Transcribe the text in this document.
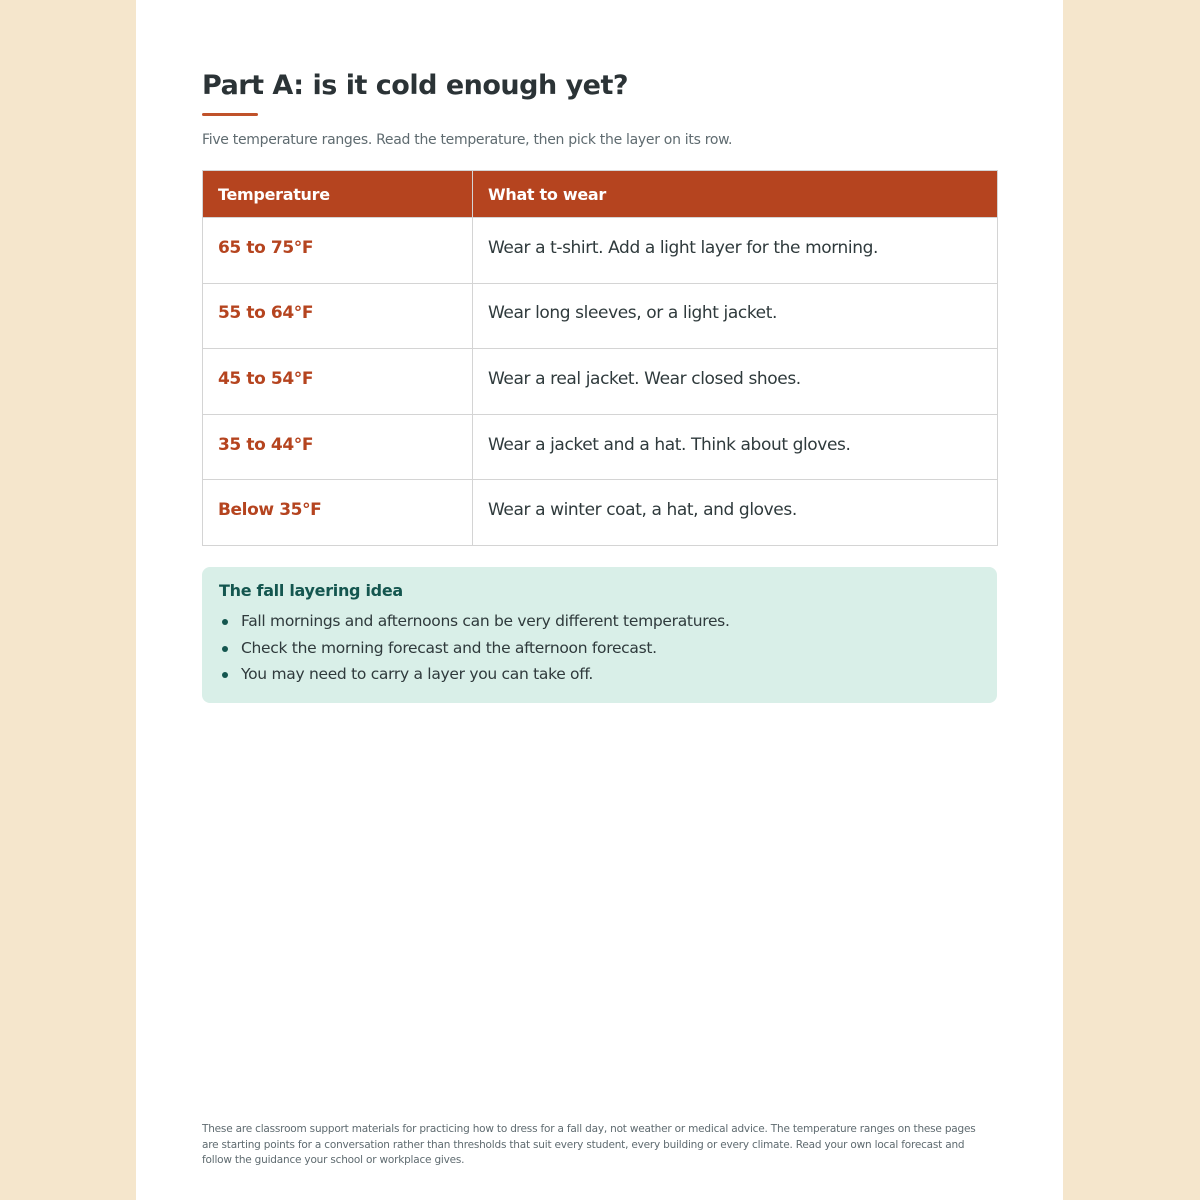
Part A: is it cold enough yet?

Five temperature ranges. Read the temperature, then pick the layer on its row.

Temperature	What to wear
65 to 75°F	Wear a t-shirt. Add a light layer for the morning.
55 to 64°F	Wear long sleeves, or a light jacket.
45 to 54°F	Wear a real jacket. Wear closed shoes.
35 to 44°F	Wear a jacket and a hat. Think about gloves.
Below 35°F	Wear a winter coat, a hat, and gloves.
The fall layering idea
Fall mornings and afternoons can be very different temperatures.
Check the morning forecast and the afternoon forecast.
You may need to carry a layer you can take off.

These are classroom support materials for practicing how to dress for a fall day, not weather or medical advice. The temperature ranges on these pages are starting points for a conversation rather than thresholds that suit every student, every building or every climate. Read your own local forecast and follow the guidance your school or workplace gives.
